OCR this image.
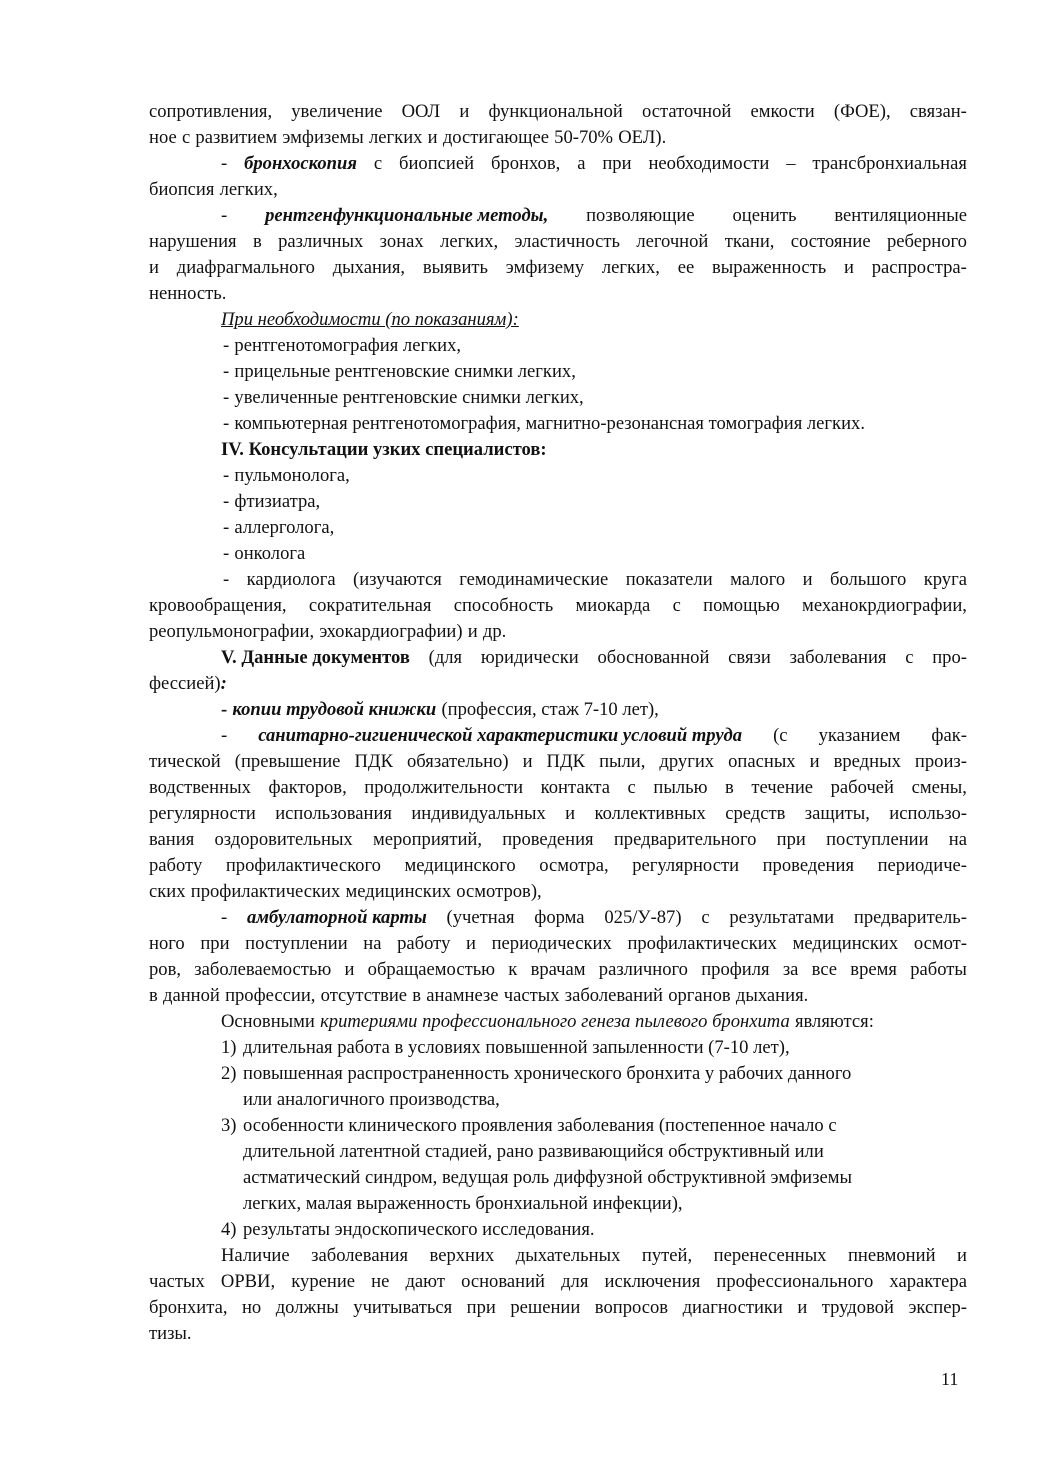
сопротивления, увеличение ООЛ и функциональной остаточной емкости (ФОЕ), связан-
ное с развитием эмфиземы легких и достигающее 50-70% ОЕЛ).
- бронхоскопия с биопсией бронхов, а при необходимости – трансбронхиальная
биопсия легких,
- рентгенфункциональные методы, позволяющие оценить вентиляционные
нарушения в различных зонах легких, эластичность легочной ткани, состояние реберного
и диафрагмального дыхания, выявить эмфизему легких, ее выраженность и распростра-
ненность.
При необходимости (по показаниям):
- рентгенотомография легких,
- прицельные рентгеновские снимки легких,
- увеличенные рентгеновские снимки легких,
- компьютерная рентгенотомография, магнитно-резонансная томография легких.
IV. Консультации узких специалистов:
- пульмонолога,
- фтизиатра,
- аллерголога,
- онколога
- кардиолога (изучаются гемодинамические показатели малого и большого круга
кровообращения, сократительная способность миокарда с помощью механокрдиографии,
реопульмонографии, эхокардиографии) и др.
V. Данные документов (для юридически обоснованной связи заболевания с про-
фессией):
- копии трудовой книжки (профессия, стаж 7-10 лет),
- санитарно-гигиенической характеристики условий труда (с указанием фак-
тической (превышение ПДК обязательно) и ПДК пыли, других опасных и вредных произ-
водственных факторов, продолжительности контакта с пылью в течение рабочей смены,
регулярности использования индивидуальных и коллективных средств защиты, использо-
вания оздоровительных мероприятий, проведения предварительного при поступлении на
работу профилактического медицинского осмотра, регулярности проведения периодиче-
ских профилактических медицинских осмотров),
- амбулаторной карты (учетная форма 025/У-87) с результатами предваритель-
ного при поступлении на работу и периодических профилактических медицинских осмот-
ров, заболеваемостью и обращаемостью к врачам различного профиля за все время работы
в данной профессии, отсутствие в анамнезе частых заболеваний органов дыхания.
Основными критериями профессионального генеза пылевого бронхита являются:
1) длительная работа в условиях повышенной запыленности (7-10 лет),
2) повышенная распространенность хронического бронхита у рабочих данного
или аналогичного производства,
3) особенности клинического проявления заболевания (постепенное начало с
длительной латентной стадией, рано развивающийся обструктивный или
астматический синдром, ведущая роль диффузной обструктивной эмфиземы
легких, малая выраженность бронхиальной инфекции),
4) результаты эндоскопического исследования.
Наличие заболевания верхних дыхательных путей, перенесенных пневмоний и
частых ОРВИ, курение не дают оснований для исключения профессионального характера
бронхита, но должны учитываться при решении вопросов диагностики и трудовой экспер-
тизы.
11
